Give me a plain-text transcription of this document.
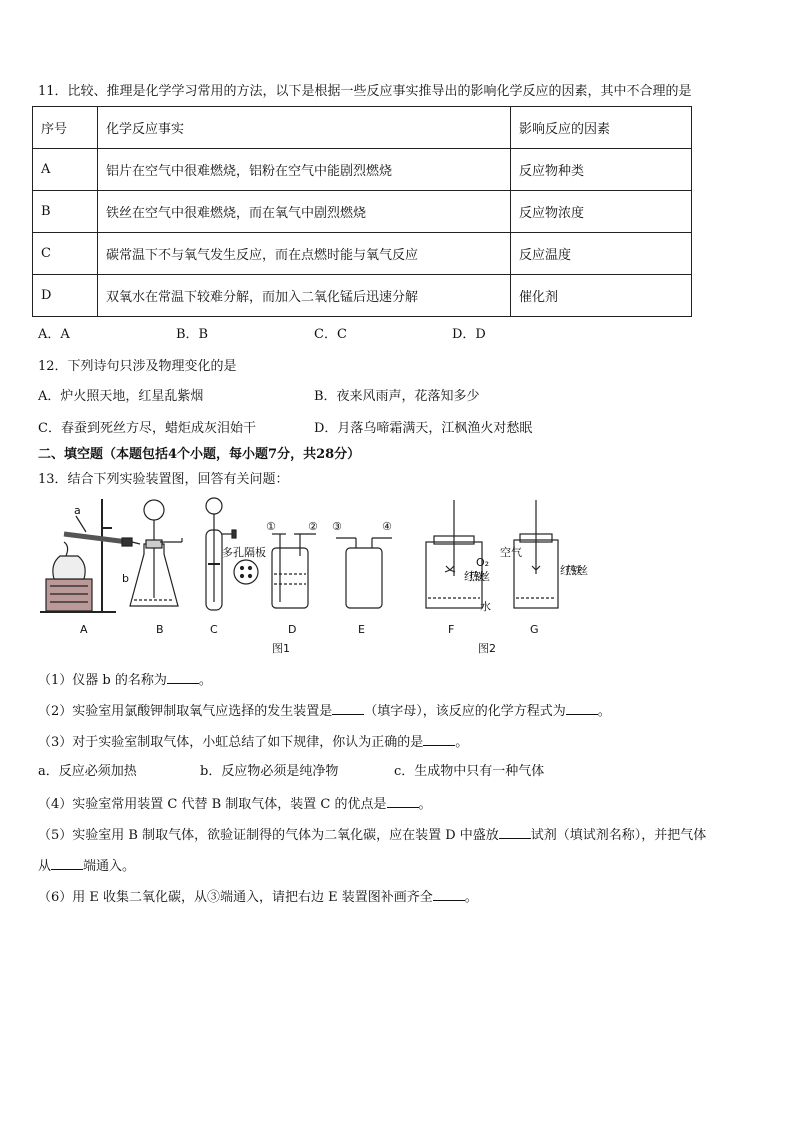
11．比较、推理是化学学习常用的方法，以下是根据一些反应事实推导出的影响化学反应的因素，其中不合理的是
序号	化学反应事实	影响反应的因素
A	铝片在空气中很难燃烧，铝粉在空气中能剧烈燃烧	反应物种类
B	铁丝在空气中很难燃烧，而在氧气中剧烈燃烧	反应物浓度
C	碳常温下不与氧气发生反应，而在点燃时能与氧气反应	反应温度
D	双氧水在常温下较难分解，而加入二氧化锰后迅速分解	催化剂
A．A	B．B	C．C	D．D
12．下列诗句只涉及物理变化的是
A．炉火照天地，红星乱紫烟	B．夜来风雨声，花落知多少
C．春蚕到死丝方尽，蜡炬成灰泪始干	D．月落乌啼霜满天，江枫渔火对愁眠
二、填空题（本题包括4个小题，每小题7分，共28分）
13．结合下列实验装置图，回答有关问题：
a
b
多孔隔板
①	② ③	④
O₂
红热铁丝
水
空气
红热铁丝
A	B	C	D	E	F	G
图1	图2
（1）仪器 b 的名称为 。
（2）实验室用氯酸钾制取氧气应选择的发生装置是 （填字母），该反应的化学方程式为 。
（3）对于实验室制取气体，小虹总结了如下规律，你认为正确的是 。
a．反应必须加热	b．反应物必须是纯净物	c．生成物中只有一种气体
（4）实验室常用装置 C 代替 B 制取气体，装置 C 的优点是 。
（5）实验室用 B 制取气体，欲验证制得的气体为二氧化碳，应在装置 D 中盛放 试剂（填试剂名称），并把气体
从 端通入。
（6）用 E 收集二氧化碳，从③端通入，请把右边 E 装置图补画齐全 。
